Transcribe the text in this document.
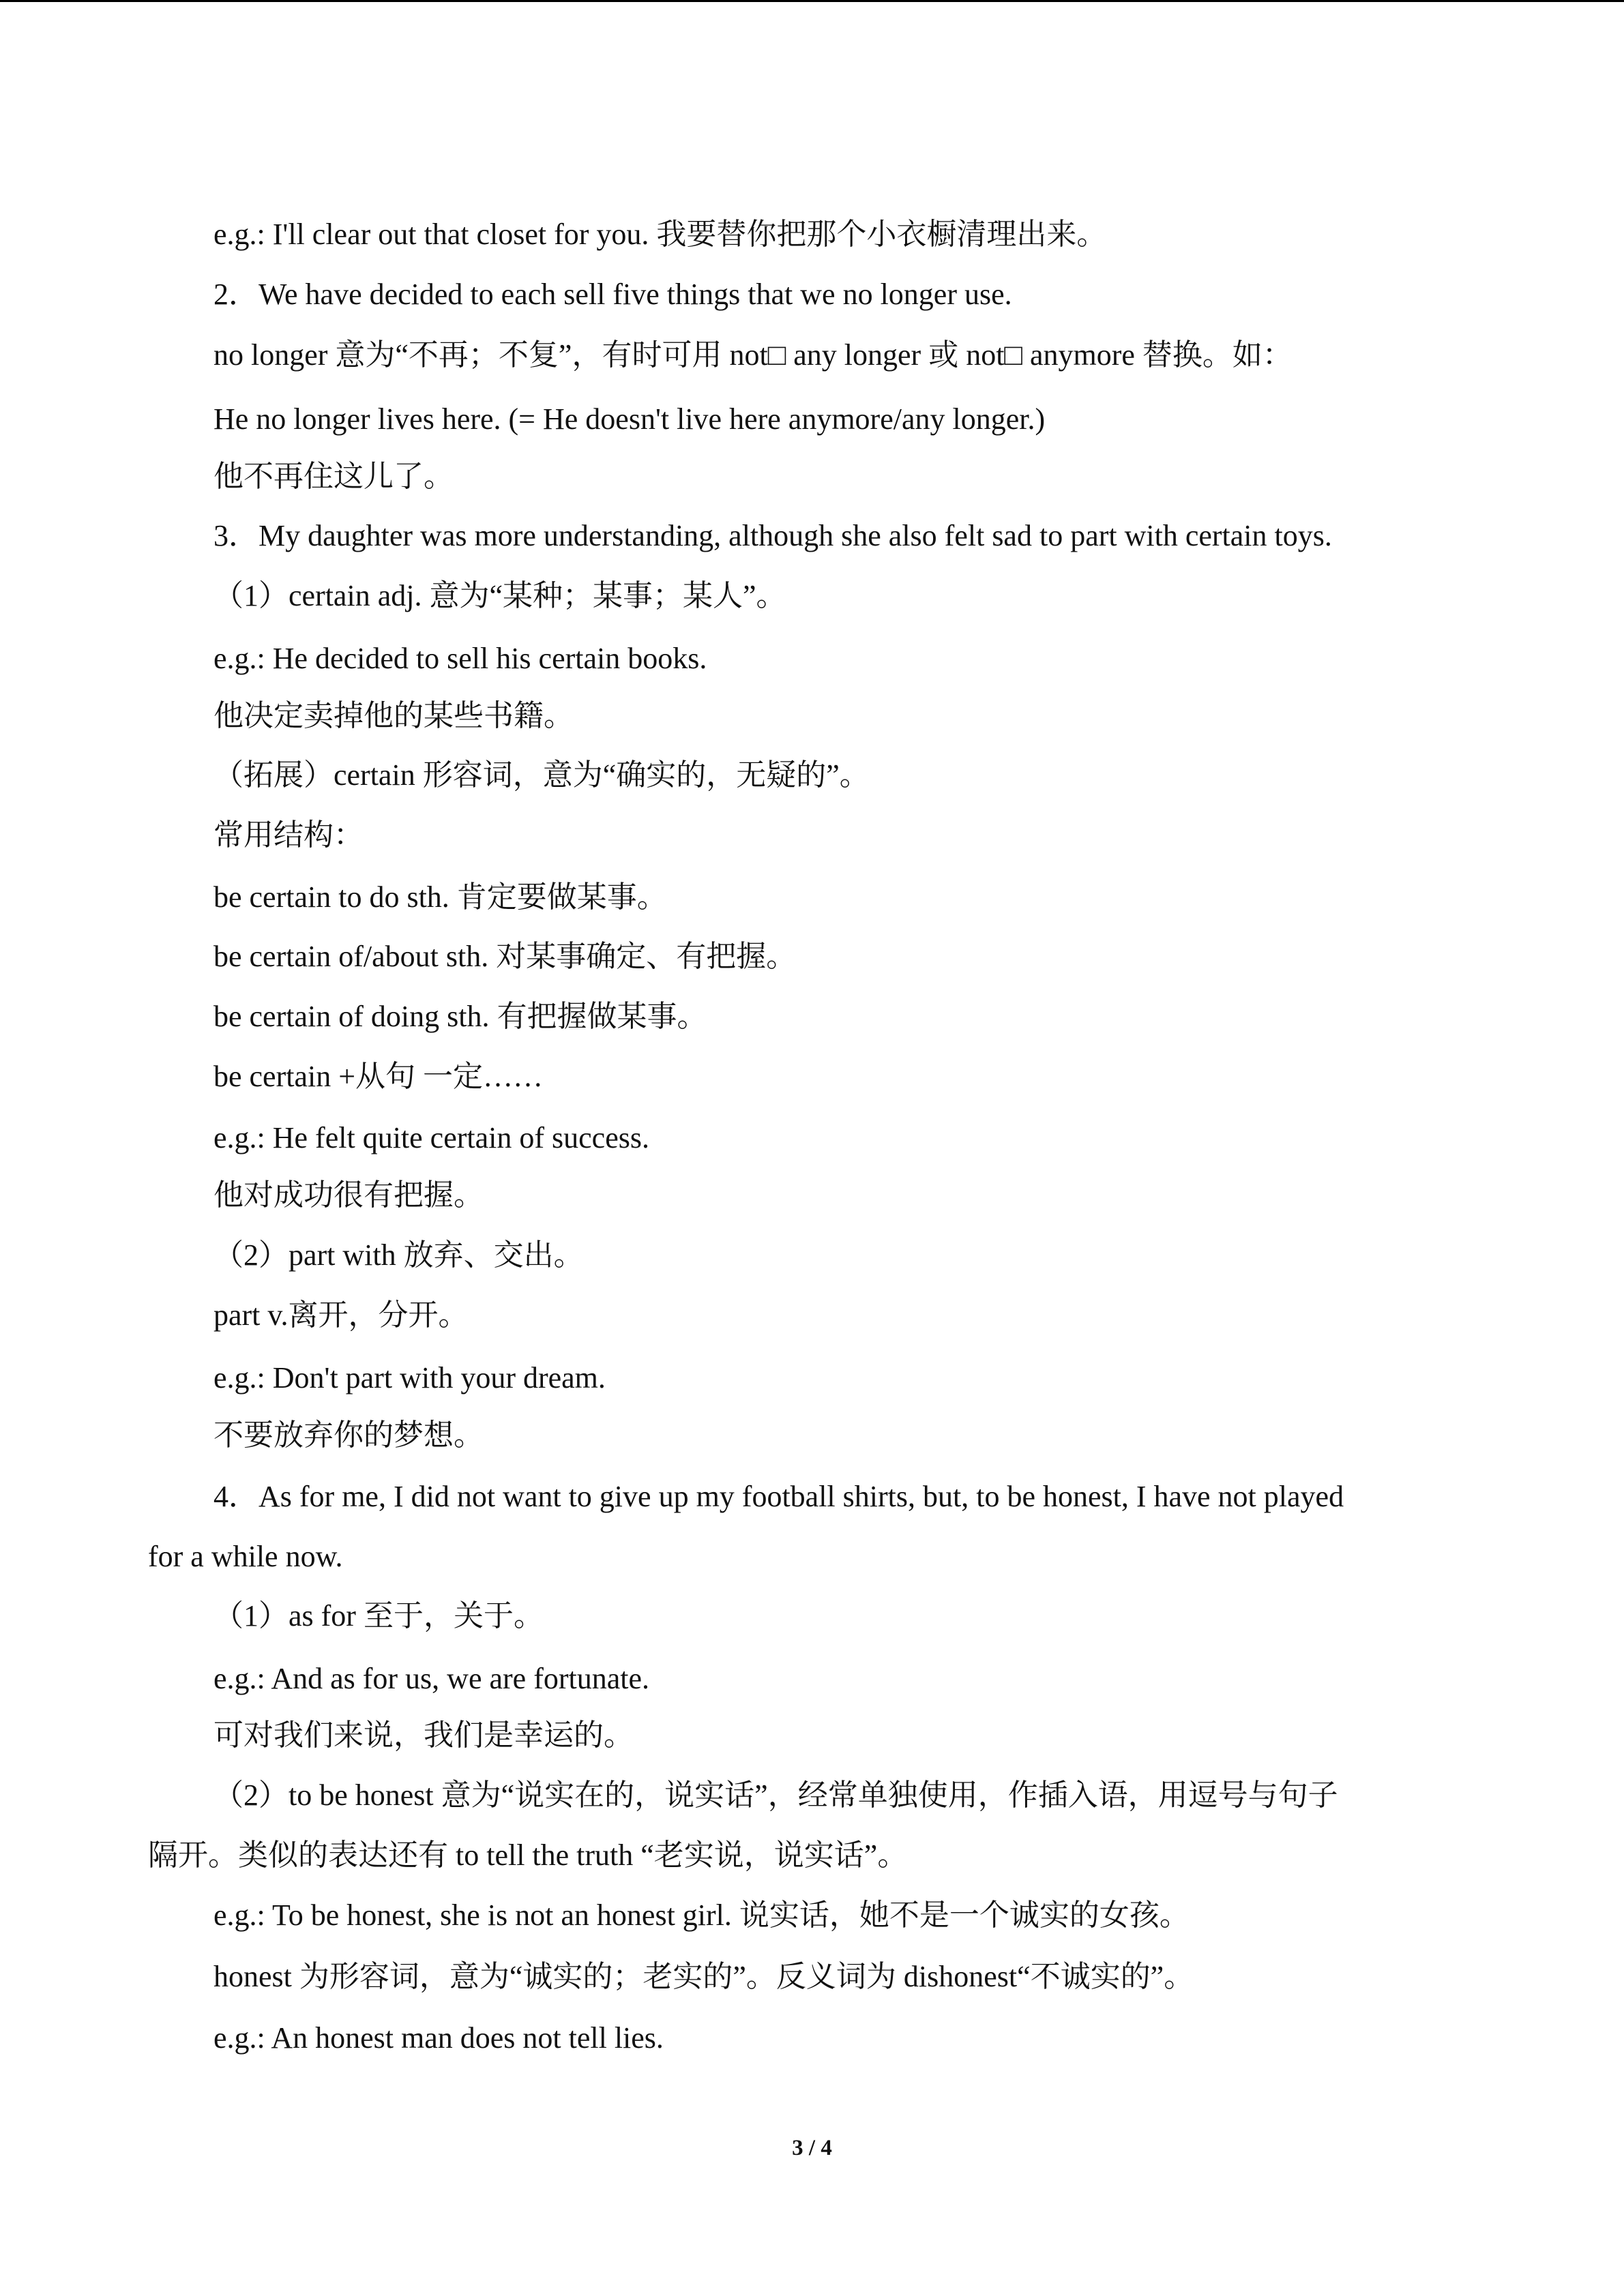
e.g.: I'll clear out that closet for you. 我要替你把那个小衣橱清理出来。
2．We have decided to each sell five things that we no longer use.
no longer 意为“不再；不复”，有时可用 not□ any longer 或 not□ anymore 替换。如：
He no longer lives here. (= He doesn't live here anymore/any longer.)
他不再住这儿了。
3．My daughter was more understanding, although she also felt sad to part with certain toys.
（1）certain adj. 意为“某种；某事；某人”。
e.g.: He decided to sell his certain books.
他决定卖掉他的某些书籍。
（拓展）certain 形容词，意为“确实的，无疑的”。
常用结构：
be certain to do sth. 肯定要做某事。
be certain of/about sth. 对某事确定、有把握。
be certain of doing sth. 有把握做某事。
be certain +从句 一定……
e.g.: He felt quite certain of success.
他对成功很有把握。
（2）part with 放弃、交出。
part v.离开，分开。
e.g.: Don't part with your dream.
不要放弃你的梦想。
4．As for me, I did not want to give up my football shirts, but, to be honest, I have not played
for a while now.
（1）as for 至于，关于。
e.g.: And as for us, we are fortunate.
可对我们来说，我们是幸运的。
（2）to be honest 意为“说实在的，说实话”，经常单独使用，作插入语，用逗号与句子
隔开。类似的表达还有 to tell the truth “老实说，说实话”。
e.g.: To be honest, she is not an honest girl. 说实话，她不是一个诚实的女孩。
honest 为形容词，意为“诚实的；老实的”。反义词为 dishonest“不诚实的”。
e.g.: An honest man does not tell lies.
3 / 4
